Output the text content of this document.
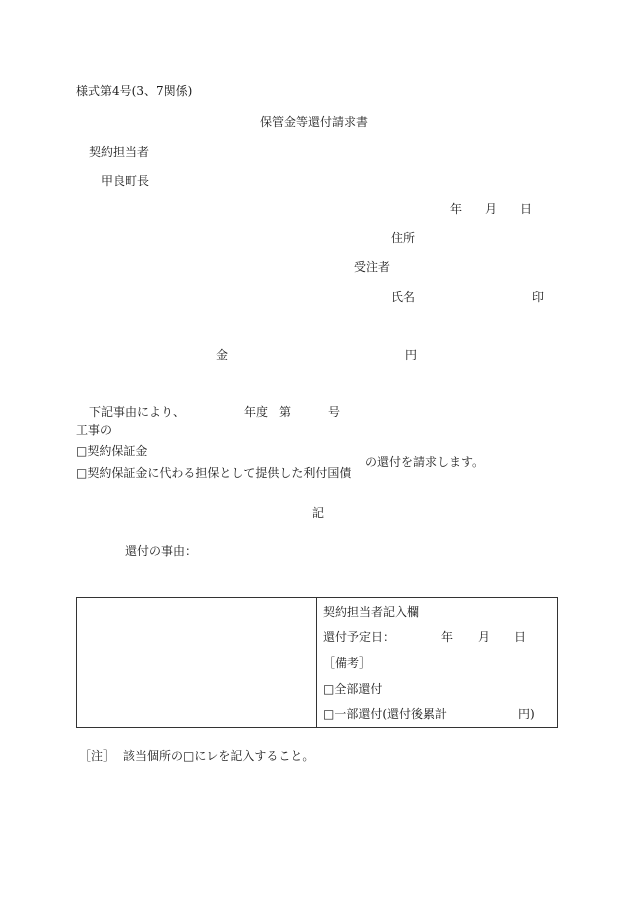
様式第4号(3、7関係)
保管金等還付請求書
契約担当者
甲良町長
年 月 日
住所
受注者
氏名	印
金	円
下記事由により、	年度 第	号
工事の
□契約保証金
□契約保証金に代わる担保として提供した利付国債
の還付を請求します。
記
還付の事由：
契約担当者記入欄
還付予定日：	年 月 日
［備考］
□全部還付
□一部還付(還付後累計	円)
［注］ 該当個所の□にレを記入すること。
